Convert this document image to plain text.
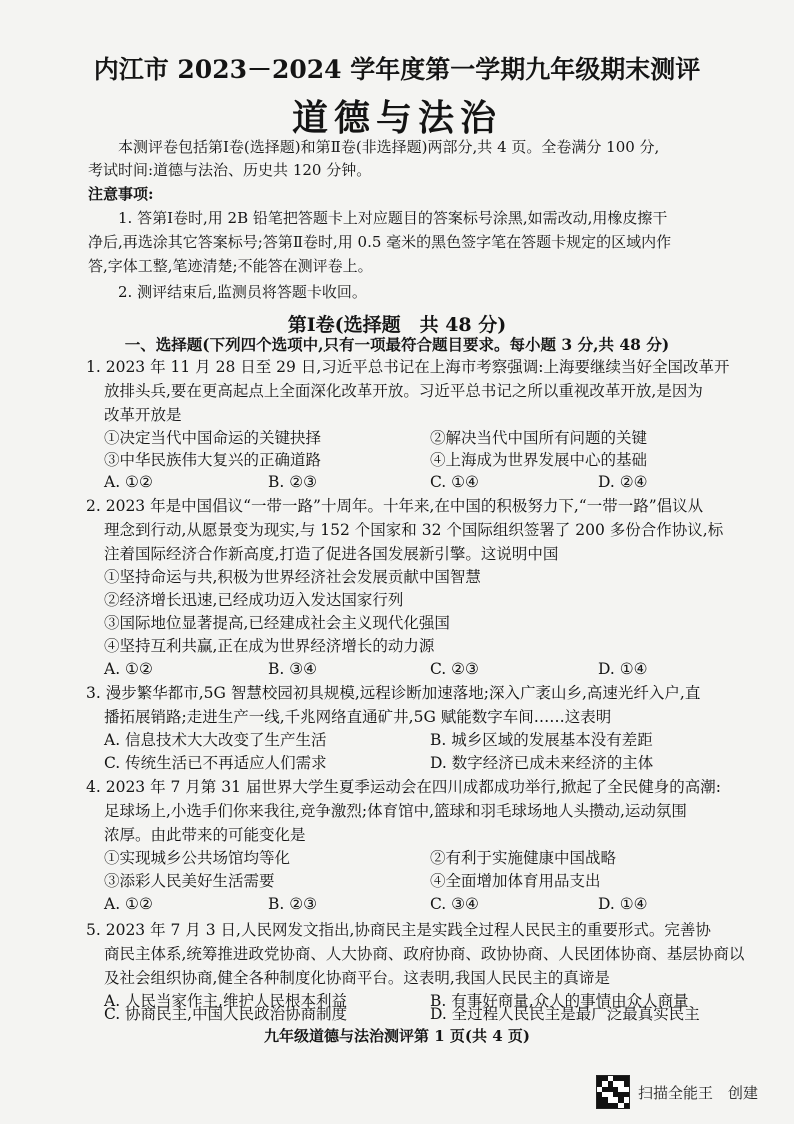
内江市 2023－2024 学年度第一学期九年级期末测评
道德与法治
本测评卷包括第Ⅰ卷(选择题)和第Ⅱ卷(非选择题)两部分,共 4 页。全卷满分 100 分,
考试时间:道德与法治、历史共 120 分钟。
注意事项:
1. 答第Ⅰ卷时,用 2B 铅笔把答题卡上对应题目的答案标号涂黑,如需改动,用橡皮擦干
净后,再选涂其它答案标号;答第Ⅱ卷时,用 0.5 毫米的黑色签字笔在答题卡规定的区域内作
答,字体工整,笔迹清楚;不能答在测评卷上。
2. 测评结束后,监测员将答题卡收回。
第Ⅰ卷(选择题　共 48 分)
一、选择题(下列四个选项中,只有一项最符合题目要求。每小题 3 分,共 48 分)
1. 2023 年 11 月 28 日至 29 日,习近平总书记在上海市考察强调:上海要继续当好全国改革开
放排头兵,要在更高起点上全面深化改革开放。习近平总书记之所以重视改革开放,是因为
改革开放是
①决定当代中国命运的关键抉择	②解决当代中国所有问题的关键
③中华民族伟大复兴的正确道路	④上海成为世界发展中心的基础
A. ①②	B. ②③	C. ①④	D. ②④
2. 2023 年是中国倡议“一带一路”十周年。十年来,在中国的积极努力下,“一带一路”倡议从
理念到行动,从愿景变为现实,与 152 个国家和 32 个国际组织签署了 200 多份合作协议,标
注着国际经济合作新高度,打造了促进各国发展新引擎。这说明中国
①坚持命运与共,积极为世界经济社会发展贡献中国智慧
②经济增长迅速,已经成功迈入发达国家行列
③国际地位显著提高,已经建成社会主义现代化强国
④坚持互利共赢,正在成为世界经济增长的动力源
A. ①②	B. ③④	C. ②③	D. ①④
3. 漫步繁华都市,5G 智慧校园初具规模,远程诊断加速落地;深入广袤山乡,高速光纤入户,直
播拓展销路;走进生产一线,千兆网络直通矿井,5G 赋能数字车间……这表明
A. 信息技术大大改变了生产生活	B. 城乡区域的发展基本没有差距
C. 传统生活已不再适应人们需求	D. 数字经济已成未来经济的主体
4. 2023 年 7 月第 31 届世界大学生夏季运动会在四川成都成功举行,掀起了全民健身的高潮:
足球场上,小选手们你来我往,竞争激烈;体育馆中,篮球和羽毛球场地人头攒动,运动氛围
浓厚。由此带来的可能变化是
①实现城乡公共场馆均等化	②有利于实施健康中国战略
③添彩人民美好生活需要	④全面增加体育用品支出
A. ①②	B. ②③	C. ③④	D. ①④
5. 2023 年 7 月 3 日,人民网发文指出,协商民主是实践全过程人民民主的重要形式。完善协
商民主体系,统筹推进政党协商、人大协商、政府协商、政协协商、人民团体协商、基层协商以
及社会组织协商,健全各种制度化协商平台。这表明,我国人民民主的真谛是
A. 人民当家作主,维护人民根本利益	B. 有事好商量,众人的事情由众人商量
九年级道德与法治测评第 1 页(共 4 页)
扫描全能王　创建
C. 协商民主,中国人民政治协商制度	D. 全过程人民民主是最广泛最真实民主
